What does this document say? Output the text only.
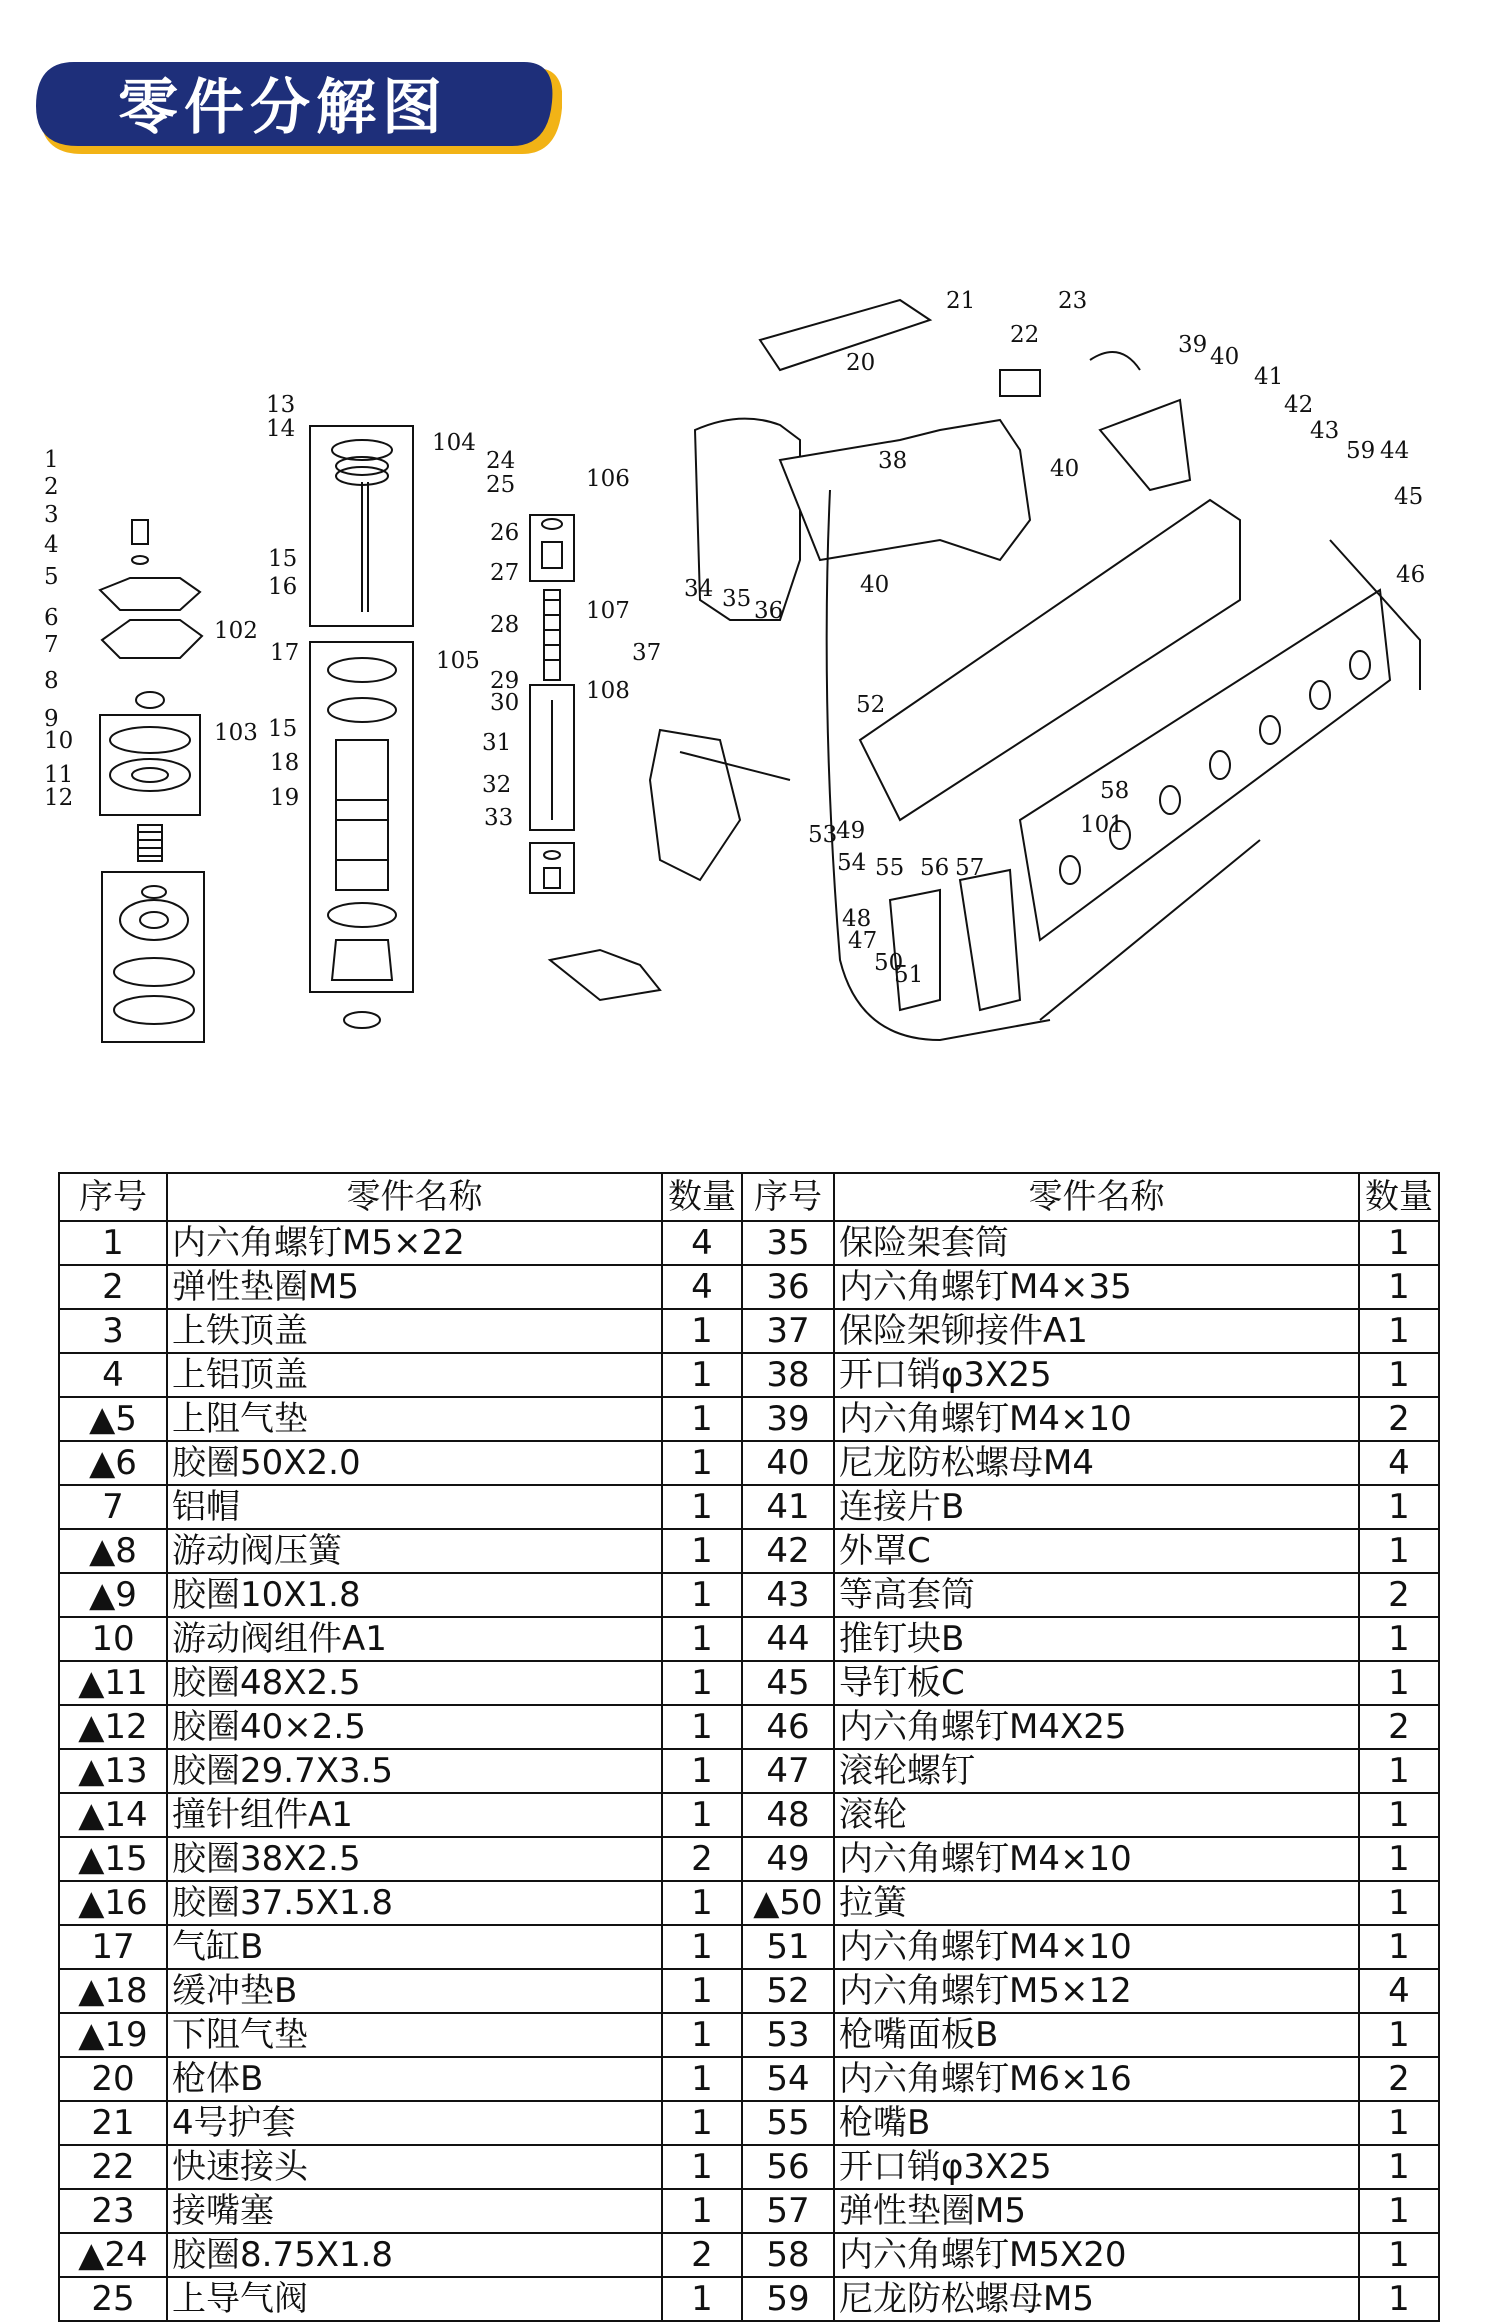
零件分解图
1
2
3
4
5
6
7
8
9
10
11
12
13
14
15
16
17
15
18
19
20
21
22
23
24
25
26
27
28
29
30
31
32
33
34 35 36
37
38
39 40
41
42
43
44
45
46
40
40
49
48
47
50
51
59
52
53
54 55 56 57
58
101
102
103
104
105
106
107
108
序号	零件名称	数量	序号	零件名称	数量
1	内六角螺钉M5×22	4	35	保险架套筒	1
2	弹性垫圈M5	4	36	内六角螺钉M4×35	1
3	上铁顶盖	1	37	保险架铆接件A1	1
4	上铝顶盖	1	38	开口销φ3X25	1
▲5	上阻气垫	1	39	内六角螺钉M4×10	2
▲6	胶圈50X2.0	1	40	尼龙防松螺母M4	4
7	铝帽	1	41	连接片B	1
▲8	游动阀压簧	1	42	外罩C	1
▲9	胶圈10X1.8	1	43	等高套筒	2
10	游动阀组件A1	1	44	推钉块B	1
▲11	胶圈48X2.5	1	45	导钉板C	1
▲12	胶圈40×2.5	1	46	内六角螺钉M4X25	2
▲13	胶圈29.7X3.5	1	47	滚轮螺钉	1
▲14	撞针组件A1	1	48	滚轮	1
▲15	胶圈38X2.5	2	49	内六角螺钉M4×10	1
▲16	胶圈37.5X1.8	1	▲50	拉簧	1
17	气缸B	1	51	内六角螺钉M4×10	1
▲18	缓冲垫B	1	52	内六角螺钉M5×12	4
▲19	下阻气垫	1	53	枪嘴面板B	1
20	枪体B	1	54	内六角螺钉M6×16	2
21	4号护套	1	55	枪嘴B	1
22	快速接头	1	56	开口销φ3X25	1
23	接嘴塞	1	57	弹性垫圈M5	1
▲24	胶圈8.75X1.8	2	58	内六角螺钉M5X20	1
25	上导气阀	1	59	尼龙防松螺母M5	1
